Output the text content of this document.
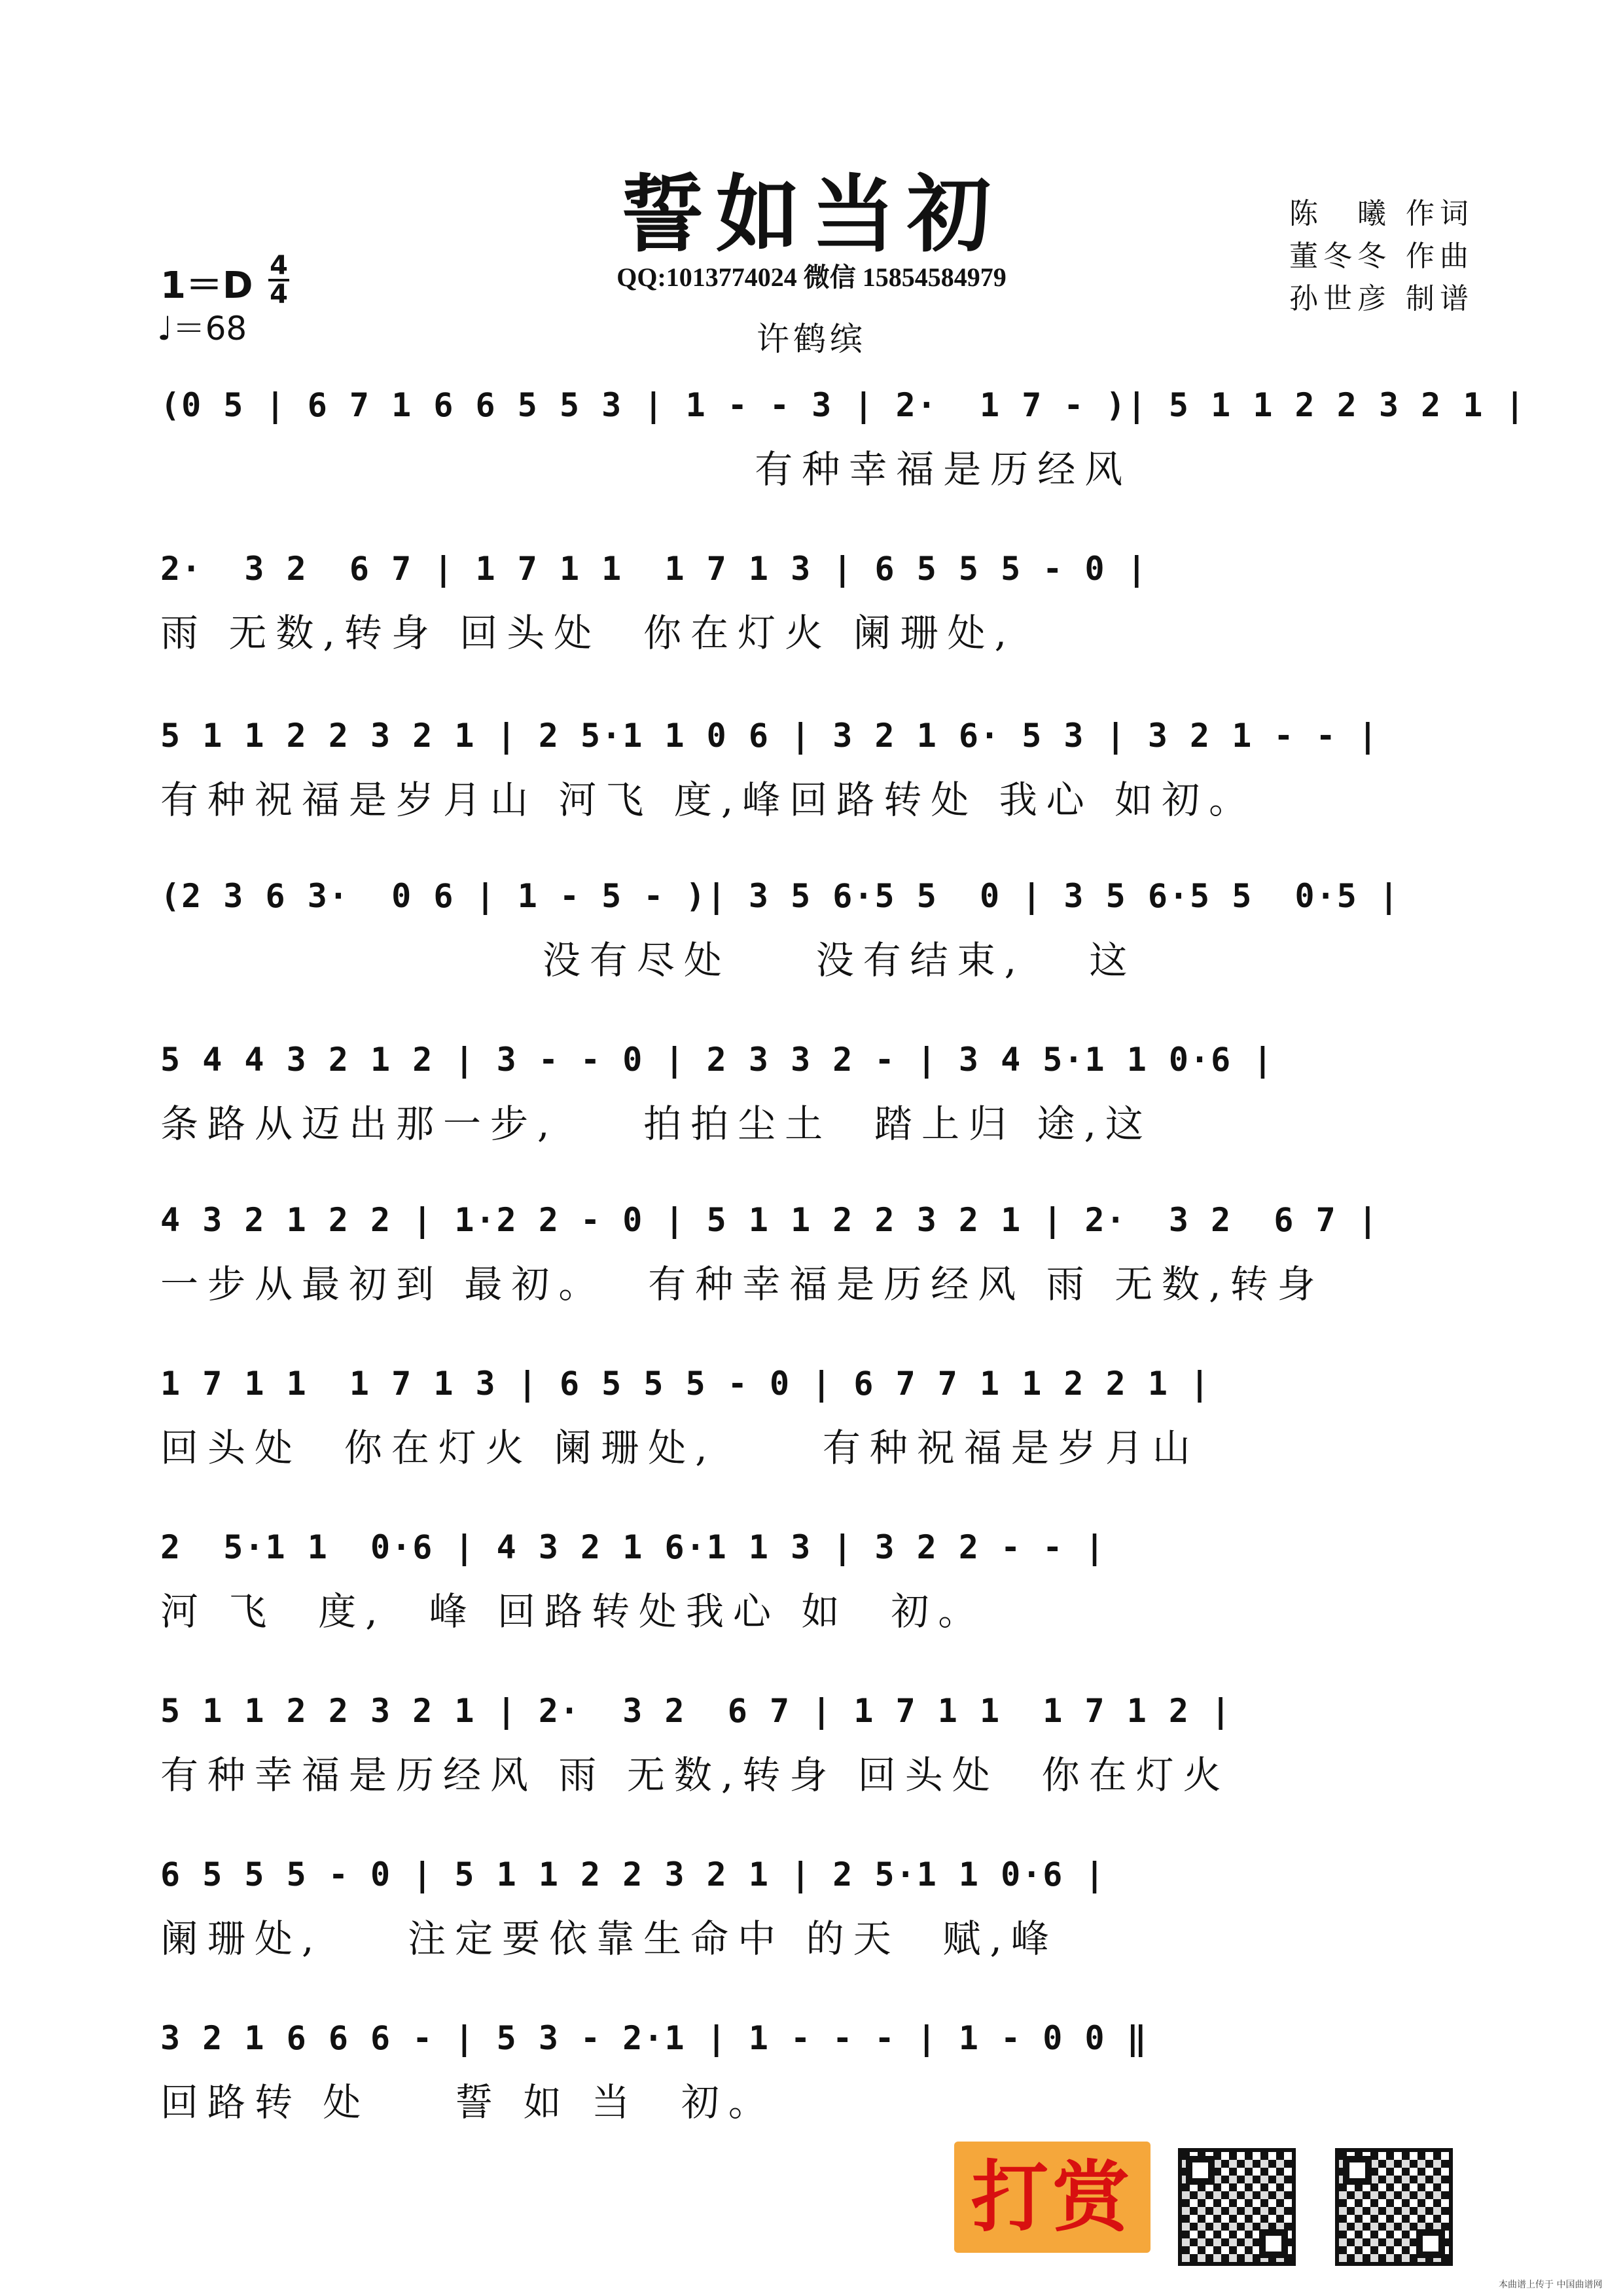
誓如当初
QQ:1013774024 微信 15854584979
许鹤缤
陈　曦 作词
董冬冬 作曲
孙世彦 制谱
1＝D 4
4
♩＝68
(0 5 | 6 7 1 6 6 5 5 3 | 1 - - 3 | 2·  1 7 - )| 5 1 1 2 2 3 2 1 |
有种幸福是历经风
2·  3 2  6 7 | 1 7 1 1  1 7 1 3 | 6 5 5 5 - 0 |
雨 无数,转身 回头处  你在灯火 阑珊处,
5 1 1 2 2 3 2 1 | 2 5·1 1 0 6 | 3 2 1 6· 5 3 | 3 2 1 - - |
有种祝福是岁月山 河飞 度,峰回路转处 我心 如初。
(2 3 6 3·  0 6 | 1 - 5 - )| 3 5 6·5 5  0 | 3 5 6·5 5  0·5 |
没有尽处    没有结束,   这
5 4 4 3 2 1 2 | 3 - - 0 | 2 3 3 2 - | 3 4 5·1 1 0·6 |
条路从迈出那一步,    拍拍尘土  踏上归 途,这
4 3 2 1 2 2 | 1·2 2 - 0 | 5 1 1 2 2 3 2 1 | 2·  3 2  6 7 |
一步从最初到 最初。  有种幸福是历经风 雨 无数,转身
1 7 1 1  1 7 1 3 | 6 5 5 5 - 0 | 6 7 7 1 1 2 2 1 |
回头处  你在灯火 阑珊处,     有种祝福是岁月山
2  5·1 1  0·6 | 4 3 2 1 6·1 1 3 | 3 2 2 - - |
河 飞  度,  峰 回路转处我心 如  初。
5 1 1 2 2 3 2 1 | 2·  3 2  6 7 | 1 7 1 1  1 7 1 2 |
有种幸福是历经风 雨 无数,转身 回头处  你在灯火
6 5 5 5 - 0 | 5 1 1 2 2 3 2 1 | 2 5·1 1 0·6 |
阑珊处,    注定要依靠生命中 的天  赋,峰
3 2 1 6 6 6 - | 5 3 - 2·1 | 1 - - - | 1 - 0 0 ‖
回路转 处    誓 如 当  初。
打赏
本曲谱上传于 中国曲谱网
